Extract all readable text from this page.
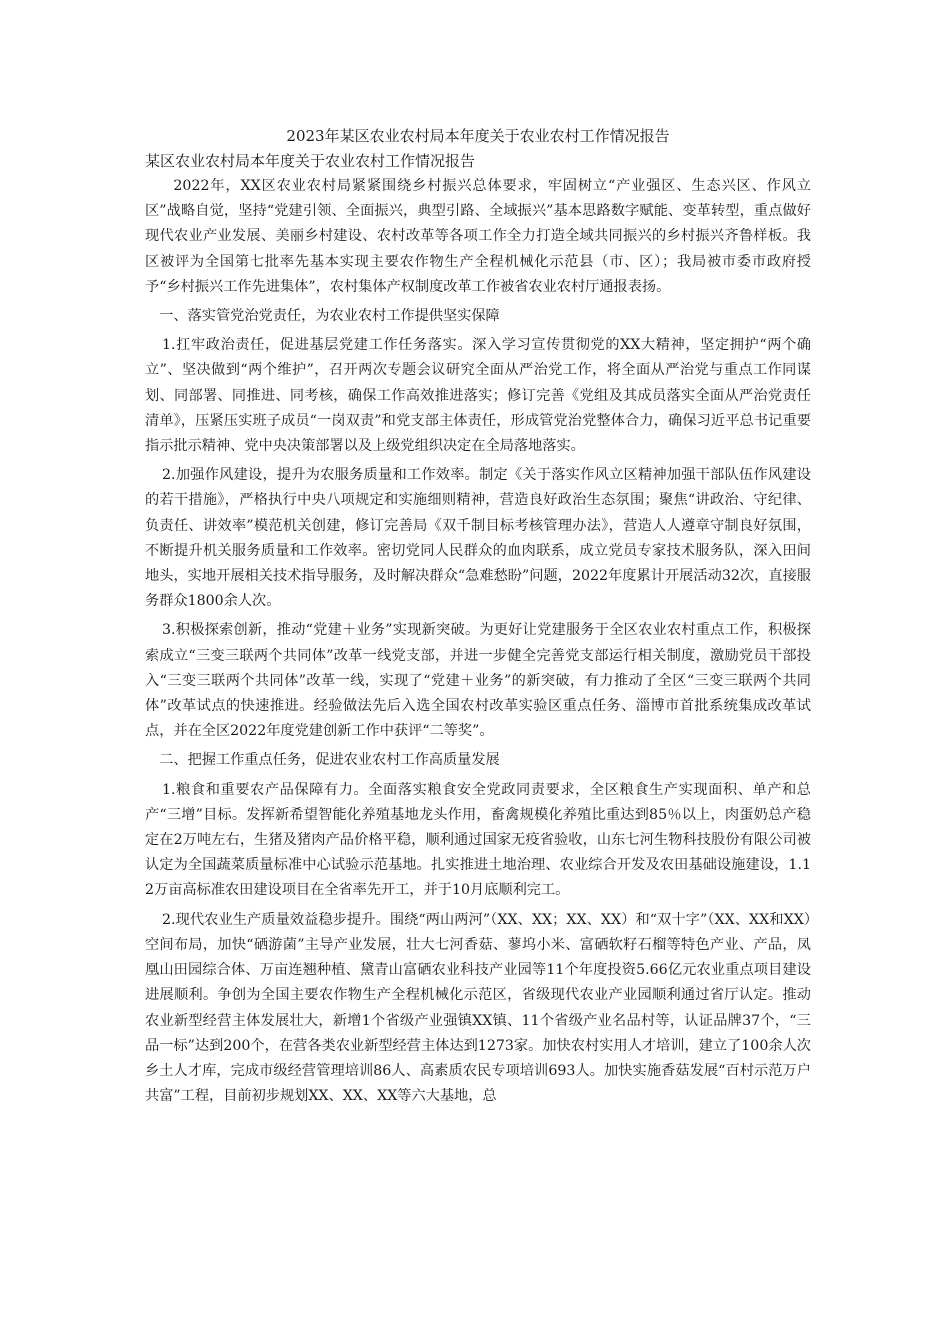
2023年某区农业农村局本年度关于农业农村工作情况报告
某区农业农村局本年度关于农业农村工作情况报告

2022年，XX区农业农村局紧紧围绕乡村振兴总体要求，牢固树立“产业强区、生态兴区、作风立区”战略自觉，坚持“党建引领、全面振兴，典型引路、全域振兴”基本思路数字赋能、变革转型，重点做好现代农业产业发展、美丽乡村建设、农村改革等各项工作全力打造全域共同振兴的乡村振兴齐鲁样板。我区被评为全国第七批率先基本实现主要农作物生产全程机械化示范县（市、区）；我局被市委市政府授予“乡村振兴工作先进集体”，农村集体产权制度改革工作被省农业农村厅通报表扬。

一、落实管党治党责任，为农业农村工作提供坚实保障

1.扛牢政治责任，促进基层党建工作任务落实。深入学习宣传贯彻党的XX大精神，坚定拥护“两个确立”、坚决做到“两个维护”，召开两次专题会议研究全面从严治党工作，将全面从严治党与重点工作同谋划、同部署、同推进、同考核，确保工作高效推进落实；修订完善《党组及其成员落实全面从严治党责任清单》，压紧压实班子成员“一岗双责”和党支部主体责任，形成管党治党整体合力，确保习近平总书记重要指示批示精神、党中央决策部署以及上级党组织决定在全局落地落实。

2.加强作风建设，提升为农服务质量和工作效率。制定《关于落实作风立区精神加强干部队伍作风建设的若干措施》，严格执行中央八项规定和实施细则精神，营造良好政治生态氛围；聚焦“讲政治、守纪律、负责任、讲效率”模范机关创建，修订完善局《双千制目标考核管理办法》，营造人人遵章守制良好氛围，不断提升机关服务质量和工作效率。密切党同人民群众的血肉联系，成立党员专家技术服务队，深入田间地头，实地开展相关技术指导服务，及时解决群众“急难愁盼”问题，2022年度累计开展活动32次，直接服务群众1800余人次。

3.积极探索创新，推动“党建＋业务”实现新突破。为更好让党建服务于全区农业农村重点工作，积极探索成立“三变三联两个共同体”改革一线党支部，并进一步健全完善党支部运行相关制度，激励党员干部投入“三变三联两个共同体”改革一线，实现了“党建＋业务”的新突破，有力推动了全区“三变三联两个共同体”改革试点的快速推进。经验做法先后入选全国农村改革实验区重点任务、淄博市首批系统集成改革试点，并在全区2022年度党建创新工作中获评“二等奖”。

二、把握工作重点任务，促进农业农村工作高质量发展

1.粮食和重要农产品保障有力。全面落实粮食安全党政同责要求，全区粮食生产实现面积、单产和总产“三增”目标。发挥新希望智能化养殖基地龙头作用，畜禽规模化养殖比重达到85％以上，肉蛋奶总产稳定在2万吨左右，生猪及猪肉产品价格平稳，顺利通过国家无疫省验收，山东七河生物科技股份有限公司被认定为全国蔬菜质量标准中心试验示范基地。扎实推进土地治理、农业综合开发及农田基础设施建设，1.12万亩高标准农田建设项目在全省率先开工，并于10月底顺利完工。

2.现代农业生产质量效益稳步提升。围绕“两山两河”（XX、XX；XX、XX）和“双十字”（XX、XX和XX）空间布局，加快“硒游菌”主导产业发展，壮大七河香菇、蓼坞小米、富硒软籽石榴等特色产业、产品，凤凰山田园综合体、万亩连翘种植、黛青山富硒农业科技产业园等11个年度投资5.66亿元农业重点项目建设进展顺利。争创为全国主要农作物生产全程机械化示范区，省级现代农业产业园顺利通过省厅认定。推动农业新型经营主体发展壮大，新增1个省级产业强镇XX镇、11个省级产业名品村等，认证品牌37个，“三品一标”达到200个，在营各类农业新型经营主体达到1273家。加快农村实用人才培训，建立了100余人次乡土人才库，完成市级经营管理培训86人、高素质农民专项培训693人。加快实施香菇发展“百村示范万户共富”工程，目前初步规划XX、XX、XX等六大基地，总
